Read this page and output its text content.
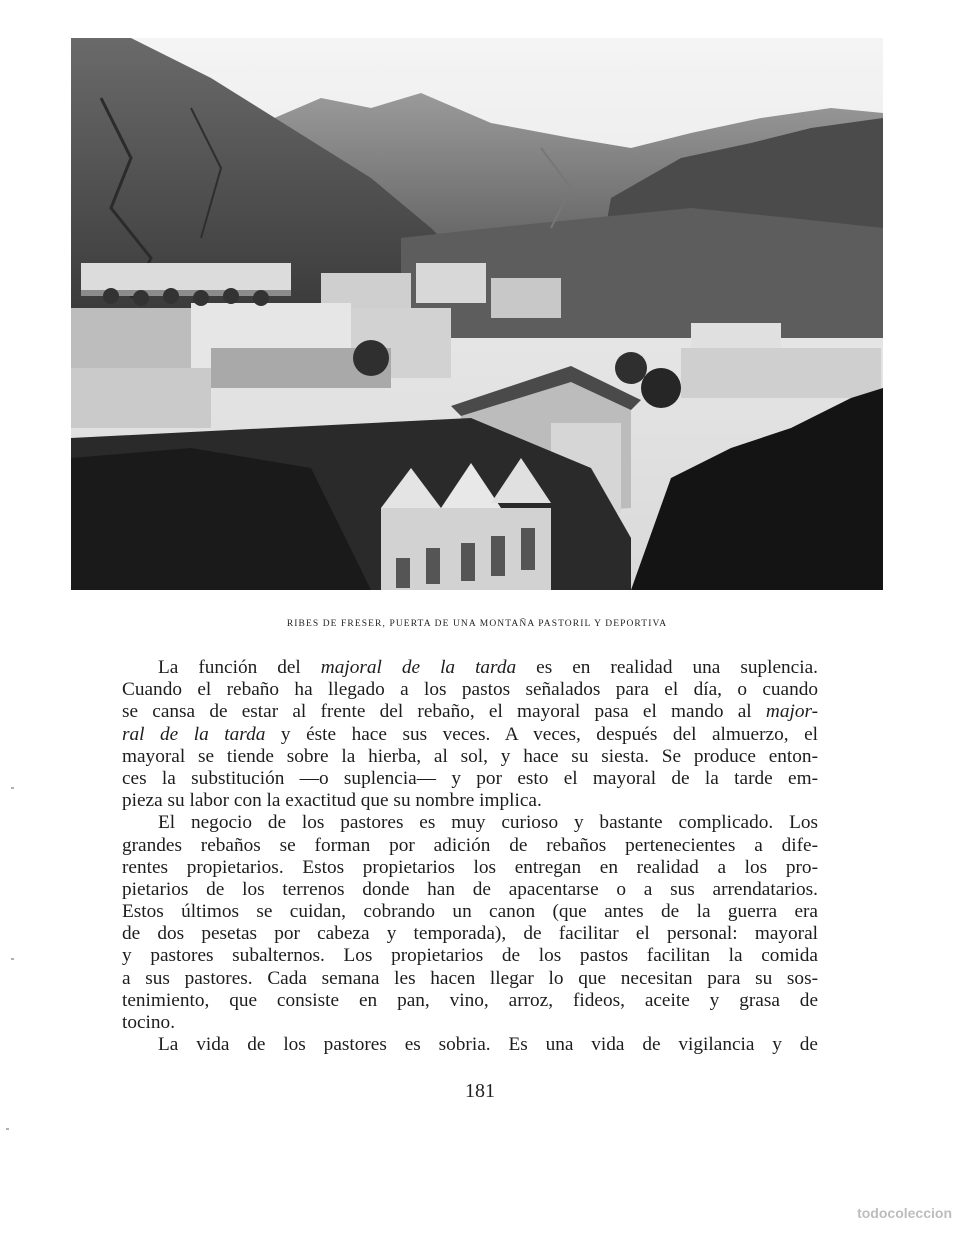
RIBES DE FRESER, PUERTA DE UNA MONTAÑA PASTORIL Y DEPORTIVA

La función del majoral de la tarda es en realidad una suplencia.
Cuando el rebaño ha llegado a los pastos señalados para el día, o cuando
se cansa de estar al frente del rebaño, el mayoral pasa el mando al major-
ral de la tarda y éste hace sus veces. A veces, después del almuerzo, el
mayoral se tiende sobre la hierba, al sol, y hace su siesta. Se produce enton-
ces la substitución —o suplencia— y por esto el mayoral de la tarde em-
pieza su labor con la exactitud que su nombre implica.

El negocio de los pastores es muy curioso y bastante complicado. Los
grandes rebaños se forman por adición de rebaños pertenecientes a dife-
rentes propietarios. Estos propietarios los entregan en realidad a los pro-
pietarios de los terrenos donde han de apacentarse o a sus arrendatarios.
Estos últimos se cuidan, cobrando un canon (que antes de la guerra era
de dos pesetas por cabeza y temporada), de facilitar el personal: mayoral
y pastores subalternos. Los propietarios de los pastos facilitan la comida
a sus pastores. Cada semana les hacen llegar lo que necesitan para su sos-
tenimiento, que consiste en pan, vino, arroz, fideos, aceite y grasa de
tocino.

La vida de los pastores es sobria. Es una vida de vigilancia y de

181
todocoleccion
